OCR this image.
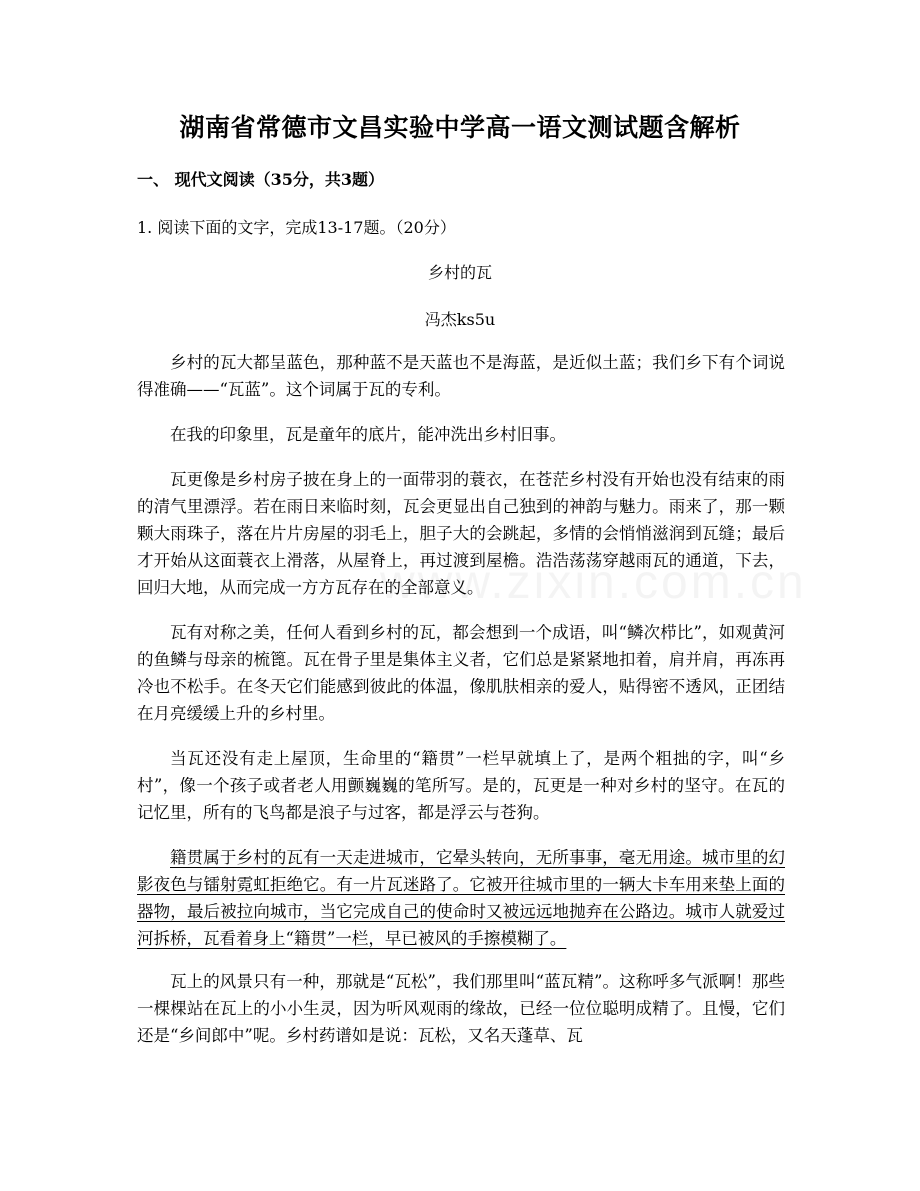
湖南省常德市文昌实验中学高一语文测试题含解析
一、 现代文阅读（35分，共3题）
1. 阅读下面的文字，完成13-17题。（20分）
乡村的瓦
冯杰ks5u

乡村的瓦大都呈蓝色，那种蓝不是天蓝也不是海蓝，是近似土蓝；我们乡下有个词说得准确——“瓦蓝”。这个词属于瓦的专利。

在我的印象里，瓦是童年的底片，能冲洗出乡村旧事。

瓦更像是乡村房子披在身上的一面带羽的蓑衣，在苍茫乡村没有开始也没有结束的雨的清气里漂浮。若在雨日来临时刻，瓦会更显出自己独到的神韵与魅力。雨来了，那一颗颗大雨珠子，落在片片房屋的羽毛上，胆子大的会跳起，多情的会悄悄滋润到瓦缝；最后才开始从这面蓑衣上滑落，从屋脊上，再过渡到屋檐。浩浩荡荡穿越雨瓦的通道，下去，回归大地，从而完成一方方瓦存在的全部意义。

瓦有对称之美，任何人看到乡村的瓦，都会想到一个成语，叫“鳞次栉比”，如观黄河的鱼鳞与母亲的梳篦。瓦在骨子里是集体主义者，它们总是紧紧地扣着，肩并肩，再冻再冷也不松手。在冬天它们能感到彼此的体温，像肌肤相亲的爱人，贴得密不透风，正团结在月亮缓缓上升的乡村里。

当瓦还没有走上屋顶，生命里的“籍贯”一栏早就填上了，是两个粗拙的字，叫“乡村”，像一个孩子或者老人用颤巍巍的笔所写。是的，瓦更是一种对乡村的坚守。在瓦的记忆里，所有的飞鸟都是浪子与过客，都是浮云与苍狗。

籍贯属于乡村的瓦有一天走进城市，它晕头转向，无所事事，毫无用途。城市里的幻影夜色与镭射霓虹拒绝它。有一片瓦迷路了。它被开往城市里的一辆大卡车用来垫上面的器物，最后被拉向城市，当它完成自己的使命时又被远远地抛弃在公路边。城市人就爱过河拆桥，瓦看着身上“籍贯”一栏，早已被风的手擦模糊了。

瓦上的风景只有一种，那就是“瓦松”，我们那里叫“蓝瓦精”。这称呼多气派啊！那些一棵棵站在瓦上的小小生灵，因为听风观雨的缘故，已经一位位聪明成精了。且慢，它们还是“乡间郎中”呢。乡村药谱如是说：瓦松，又名天蓬草、瓦
